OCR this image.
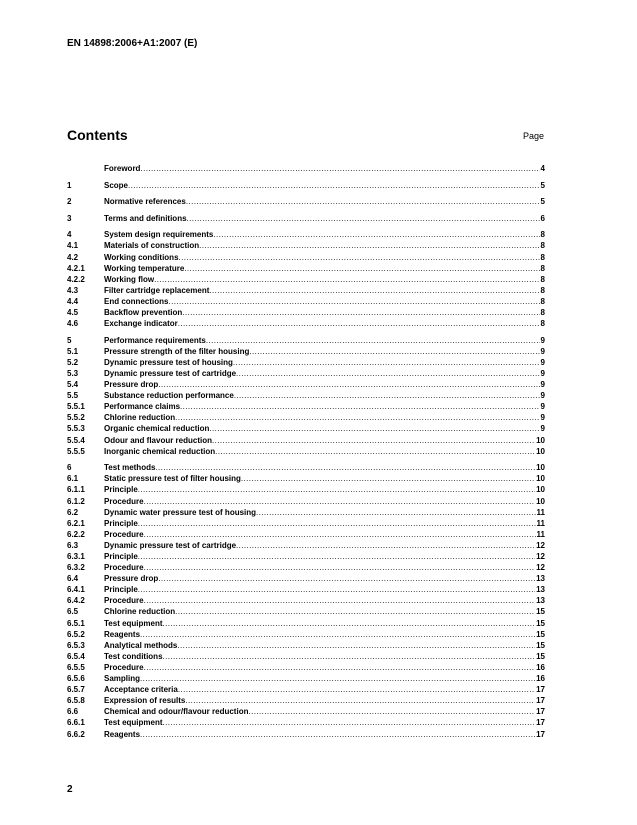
EN 14898:2006+A1:2007 (E)
Contents	Page
Foreword .....	4
1	Scope .....	5
2	Normative references .....	5
3	Terms and definitions .....	6
4	System design requirements .....	8
4.1	Materials of construction .....	8
4.2	Working conditions .....	8
4.2.1	Working temperature .....	8
4.2.2	Working flow .....	8
4.3	Filter cartridge replacement .....	8
4.4	End connections .....	8
4.5	Backflow prevention .....	8
4.6	Exchange indicator .....	8
5	Performance requirements .....	9
5.1	Pressure strength of the filter housing .....	9
5.2	Dynamic pressure test of housing .....	9
5.3	Dynamic pressure test of cartridge .....	9
5.4	Pressure drop .....	9
5.5	Substance reduction performance .....	9
5.5.1	Performance claims .....	9
5.5.2	Chlorine reduction .....	9
5.5.3	Organic chemical reduction .....	9
5.5.4	Odour and flavour reduction .....	10
5.5.5	Inorganic chemical reduction .....	10
6	Test methods .....	10
6.1	Static pressure test of filter housing .....	10
6.1.1	Principle .....	10
6.1.2	Procedure .....	10
6.2	Dynamic water pressure test of housing .....	11
6.2.1	Principle .....	11
6.2.2	Procedure .....	11
6.3	Dynamic pressure test of cartridge .....	12
6.3.1	Principle .....	12
6.3.2	Procedure .....	12
6.4	Pressure drop .....	13
6.4.1	Principle .....	13
6.4.2	Procedure .....	13
6.5	Chlorine reduction .....	15
6.5.1	Test equipment .....	15
6.5.2	Reagents .....	15
6.5.3	Analytical methods .....	15
6.5.4	Test conditions .....	15
6.5.5	Procedure .....	16
6.5.6	Sampling .....	16
6.5.7	Acceptance criteria .....	17
6.5.8	Expression of results .....	17
6.6	Chemical and odour/flavour reduction .....	17
6.6.1	Test equipment .....	17
6.6.2	Reagents .....	17
2
